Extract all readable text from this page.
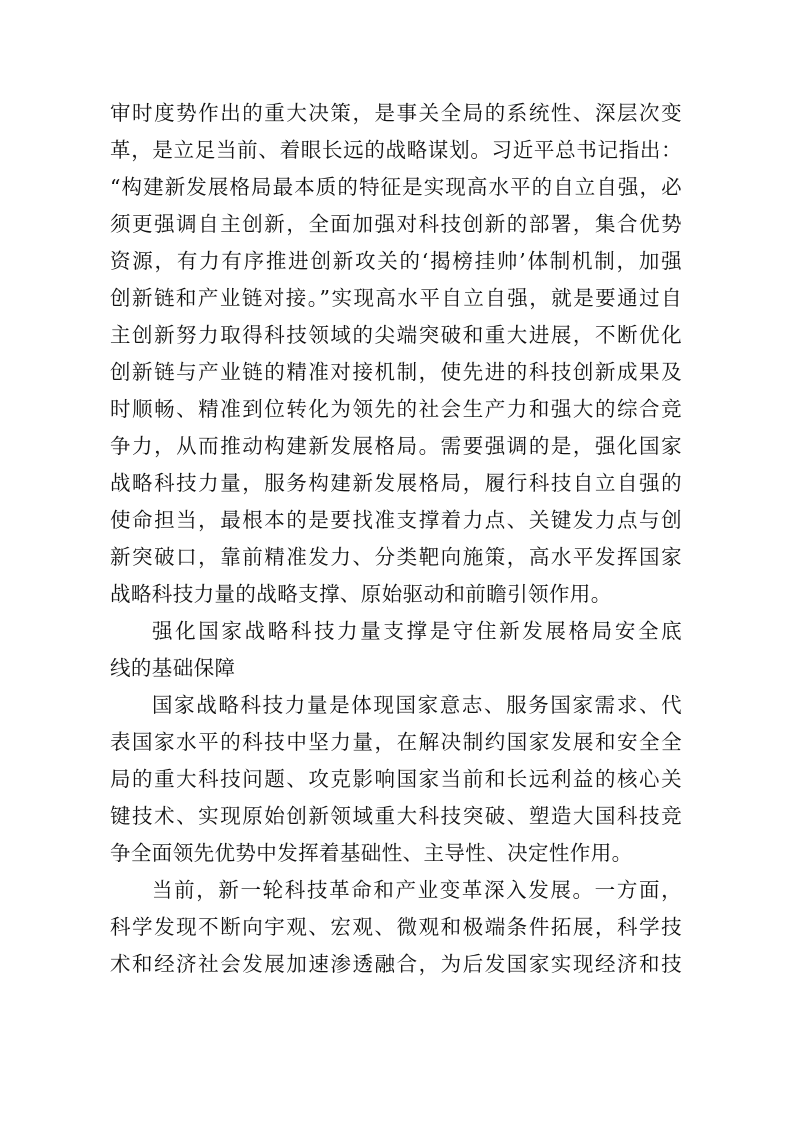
审时度势作出的重大决策，是事关全局的系统性、深层次变
革，是立足当前、着眼长远的战略谋划。习近平总书记指出：
“构建新发展格局最本质的特征是实现高水平的自立自强，必
须更强调自主创新，全面加强对科技创新的部署，集合优势
资源，有力有序推进创新攻关的‘揭榜挂帅’体制机制，加强
创新链和产业链对接。”实现高水平自立自强，就是要通过自
主创新努力取得科技领域的尖端突破和重大进展，不断优化
创新链与产业链的精准对接机制，使先进的科技创新成果及
时顺畅、精准到位转化为领先的社会生产力和强大的综合竞
争力，从而推动构建新发展格局。需要强调的是，强化国家
战略科技力量，服务构建新发展格局，履行科技自立自强的
使命担当，最根本的是要找准支撑着力点、关键发力点与创
新突破口，靠前精准发力、分类靶向施策，高水平发挥国家
战略科技力量的战略支撑、原始驱动和前瞻引领作用。
强化国家战略科技力量支撑是守住新发展格局安全底
线的基础保障
国家战略科技力量是体现国家意志、服务国家需求、代
表国家水平的科技中坚力量，在解决制约国家发展和安全全
局的重大科技问题、攻克影响国家当前和长远利益的核心关
键技术、实现原始创新领域重大科技突破、塑造大国科技竞
争全面领先优势中发挥着基础性、主导性、决定性作用。
当前，新一轮科技革命和产业变革深入发展。一方面，
科学发现不断向宇观、宏观、微观和极端条件拓展，科学技
术和经济社会发展加速渗透融合，为后发国家实现经济和技
